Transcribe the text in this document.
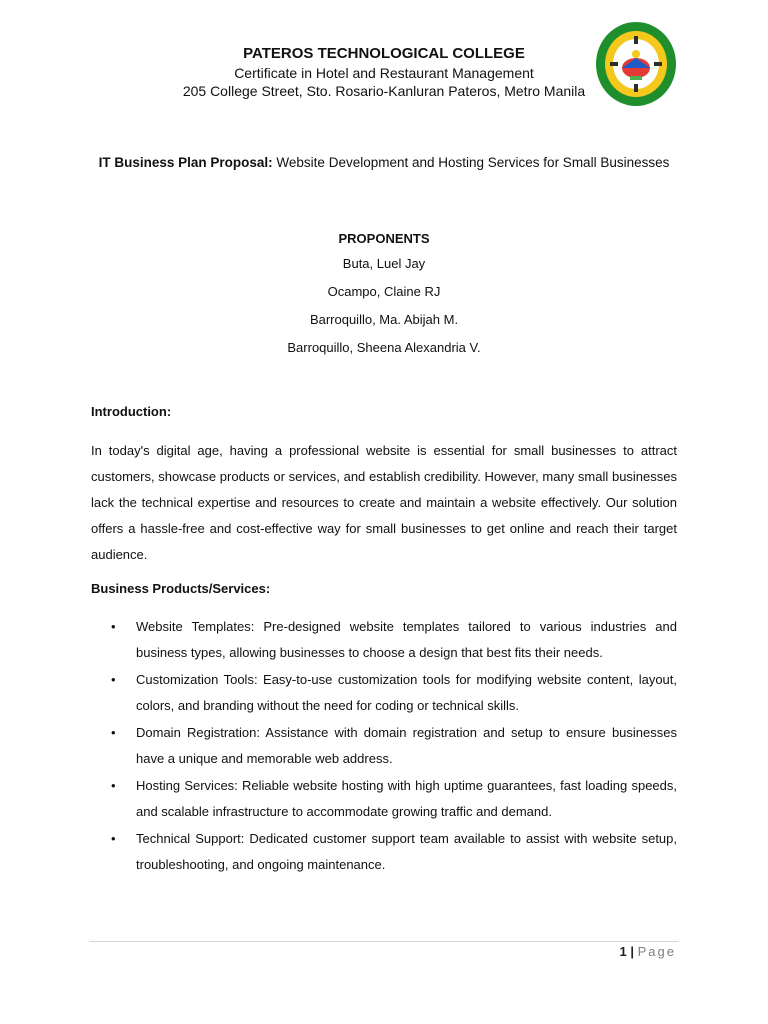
PATEROS TECHNOLOGICAL COLLEGE
Certificate in Hotel and Restaurant Management
205 College Street, Sto. Rosario-Kanluran Pateros, Metro Manila
IT Business Plan Proposal: Website Development and Hosting Services for Small Businesses
PROPONENTS
Buta, Luel Jay
Ocampo, Claine RJ
Barroquillo, Ma. Abijah M.
Barroquillo, Sheena Alexandria V.
Introduction:
In today's digital age, having a professional website is essential for small businesses to attract customers, showcase products or services, and establish credibility. However, many small businesses lack the technical expertise and resources to create and maintain a website effectively. Our solution offers a hassle-free and cost-effective way for small businesses to get online and reach their target audience.
Business Products/Services:
• Website Templates: Pre-designed website templates tailored to various industries and business types, allowing businesses to choose a design that best fits their needs.
• Customization Tools: Easy-to-use customization tools for modifying website content, layout, colors, and branding without the need for coding or technical skills.
• Domain Registration: Assistance with domain registration and setup to ensure businesses have a unique and memorable web address.
• Hosting Services: Reliable website hosting with high uptime guarantees, fast loading speeds, and scalable infrastructure to accommodate growing traffic and demand.
• Technical Support: Dedicated customer support team available to assist with website setup, troubleshooting, and ongoing maintenance.
1 | Page
